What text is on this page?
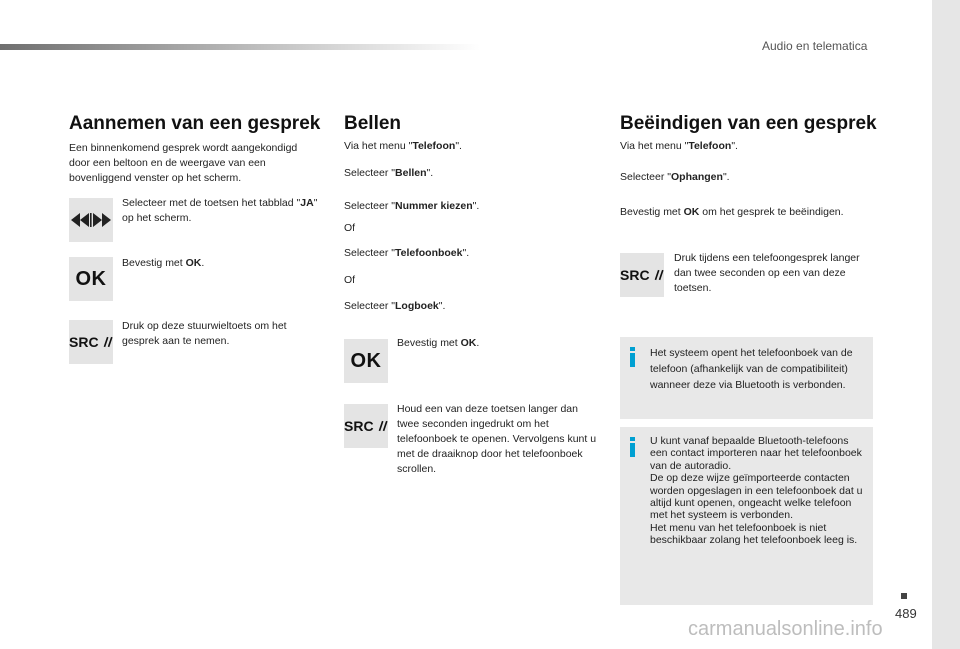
Audio en telematica

Aannemen van een gesprek

Een binnenkomend gesprek wordt aangekondigd door een beltoon en de weergave van een bovenliggend venster op het scherm.

Selecteer met de toetsen het tabblad "JA" op het scherm.

OK

Bevestig met OK.

SRC

Druk op deze stuurwieltoets om het gesprek aan te nemen.

Bellen

Via het menu "Telefoon".

Selecteer "Bellen".

Selecteer "Nummer kiezen".

Of

Selecteer "Telefoonboek".

Of

Selecteer "Logboek".

OK

Bevestig met OK.

SRC

Houd een van deze toetsen langer dan twee seconden ingedrukt om het telefoonboek te openen. Vervolgens kunt u met de draaiknop door het telefoonboek scrollen.

Beëindigen van een gesprek

Via het menu "Telefoon".

Selecteer "Ophangen".

Bevestig met OK om het gesprek te beëindigen.

SRC

Druk tijdens een telefoongesprek langer dan twee seconden op een van deze toetsen.

Het systeem opent het telefoonboek van de telefoon (afhankelijk van de compatibiliteit) wanneer deze via Bluetooth is verbonden.

U kunt vanaf bepaalde Bluetooth-telefoons een contact importeren naar het telefoonboek van de autoradio.
De op deze wijze geïmporteerde contacten worden opgeslagen in een telefoonboek dat u altijd kunt openen, ongeacht welke telefoon met het systeem is verbonden.
Het menu van het telefoonboek is niet beschikbaar zolang het telefoonboek leeg is.

489

carmanualsonline.info
